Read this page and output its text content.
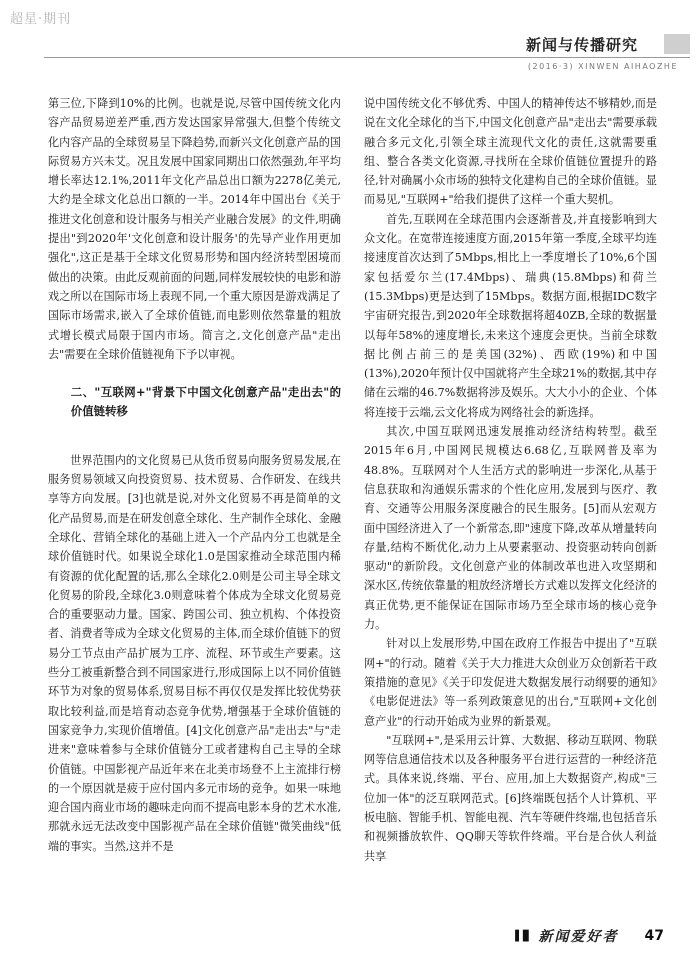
超星·期刊
新闻与传播研究
(2016·3) XINWEN AIHAOZHE

第三位,下降到10%的比例。也就是说,尽管中国传统文化内容产品贸易逆差严重,西方发达国家异常强大,但整个传统文化内容产品的全球贸易呈下降趋势,而新兴文化创意产品的国际贸易方兴未艾。况且发展中国家同期出口依然强劲,年平均增长率达12.1%,2011年文化产品总出口额为2278亿美元,大约是全球文化总出口额的一半。2014年中国出台《关于推进文化创意和设计服务与相关产业融合发展》的文件,明确提出"到2020年'文化创意和设计服务'的先导产业作用更加强化",这正是基于全球文化贸易形势和国内经济转型困境而做出的决策。由此反观前面的问题,同样发展较快的电影和游戏之所以在国际市场上表现不同,一个重大原因是游戏满足了国际市场需求,嵌入了全球价值链,而电影则依然靠量的粗放式增长模式局限于国内市场。简言之,文化创意产品"走出去"需要在全球价值链视角下予以审视。

二、"互联网+"背景下中国文化创意产品"走出去"的价值链转移

世界范围内的文化贸易已从货币贸易向服务贸易发展,在服务贸易领域又向投资贸易、技术贸易、合作研发、在线共享等方向发展。[3]也就是说,对外文化贸易不再是简单的文化产品贸易,而是在研发创意全球化、生产制作全球化、金融全球化、营销全球化的基础上进入一个产品内分工也就是全球价值链时代。如果说全球化1.0是国家推动全球范围内稀有资源的优化配置的话,那么全球化2.0则是公司主导全球文化贸易的阶段,全球化3.0则意味着个体成为全球文化贸易竞合的重要驱动力量。国家、跨国公司、独立机构、个体投资者、消费者等成为全球文化贸易的主体,而全球价值链下的贸易分工节点由产品扩展为工序、流程、环节或生产要素。这些分工被重新整合到不同国家进行,形成国际上以不同价值链环节为对象的贸易体系,贸易目标不再仅仅是发挥比较优势获取比较利益,而是培育动态竞争优势,增强基于全球价值链的国家竞争力,实现价值增值。[4]文化创意产品"走出去"与"走进来"意味着参与全球价值链分工或者建构自己主导的全球价值链。中国影视产品近年来在北美市场登不上主流排行榜的一个原因就是疲于应付国内多元市场的竞争。如果一味地迎合国内商业市场的趣味走向而不提高电影本身的艺术水准,那就永远无法改变中国影视产品在全球价值链"微笑曲线"低端的事实。当然,这并不是

说中国传统文化不够优秀、中国人的精神传达不够精妙,而是说在文化全球化的当下,中国文化创意产品"走出去"需要承载融合多元文化,引领全球主流现代文化的责任,这就需要重组、整合各类文化资源,寻找所在全球价值链位置提升的路径,针对确属小众市场的独特文化建构自己的全球价值链。显而易见,"互联网+"给我们提供了这样一个重大契机。

首先,互联网在全球范围内会逐渐普及,并直接影响到大众文化。在宽带连接速度方面,2015年第一季度,全球平均连接速度首次达到了5Mbps,相比上一季度增长了10%,6个国家包括爱尔兰(17.4Mbps)、瑞典(15.8Mbps)和荷兰(15.3Mbps)更是达到了15Mbps。数据方面,根据IDC数字宇宙研究报告,到2020年全球数据将超40ZB,全球的数据量以每年58%的速度增长,未来这个速度会更快。当前全球数据比例占前三的是美国(32%)、西欧(19%)和中国(13%),2020年预计仅中国就将产生全球21%的数据,其中存储在云端的46.7%数据将涉及娱乐。大大小小的企业、个体将连接于云端,云文化将成为网络社会的新选择。

其次,中国互联网迅速发展推动经济结构转型。截至2015年6月,中国网民规模达6.68亿,互联网普及率为48.8%。互联网对个人生活方式的影响进一步深化,从基于信息获取和沟通娱乐需求的个性化应用,发展到与医疗、教育、交通等公用服务深度融合的民生服务。[5]而从宏观方面中国经济进入了一个新常态,即"速度下降,改革从增量转向存量,结构不断优化,动力上从要素驱动、投资驱动转向创新驱动"的新阶段。文化创意产业的体制改革也进入攻坚期和深水区,传统依靠量的粗放经济增长方式难以发挥文化经济的真正优势,更不能保证在国际市场乃至全球市场的核心竞争力。

针对以上发展形势,中国在政府工作报告中提出了"互联网+"的行动。随着《关于大力推进大众创业万众创新若干政策措施的意见》《关于印发促进大数据发展行动纲要的通知》《电影促进法》等一系列政策意见的出台,"互联网+文化创意产业"的行动开始成为业界的新景观。

"互联网+",是采用云计算、大数据、移动互联网、物联网等信息通信技术以及各种服务平台进行运营的一种经济范式。具体来说,终端、平台、应用,加上大数据资产,构成"三位加一体"的泛互联网范式。[6]终端既包括个人计算机、平板电脑、智能手机、智能电视、汽车等硬件终端,也包括音乐和视频播放软件、QQ聊天等软件终端。平台是合伙人利益共享

▌▊ 新闻爱好者 47
